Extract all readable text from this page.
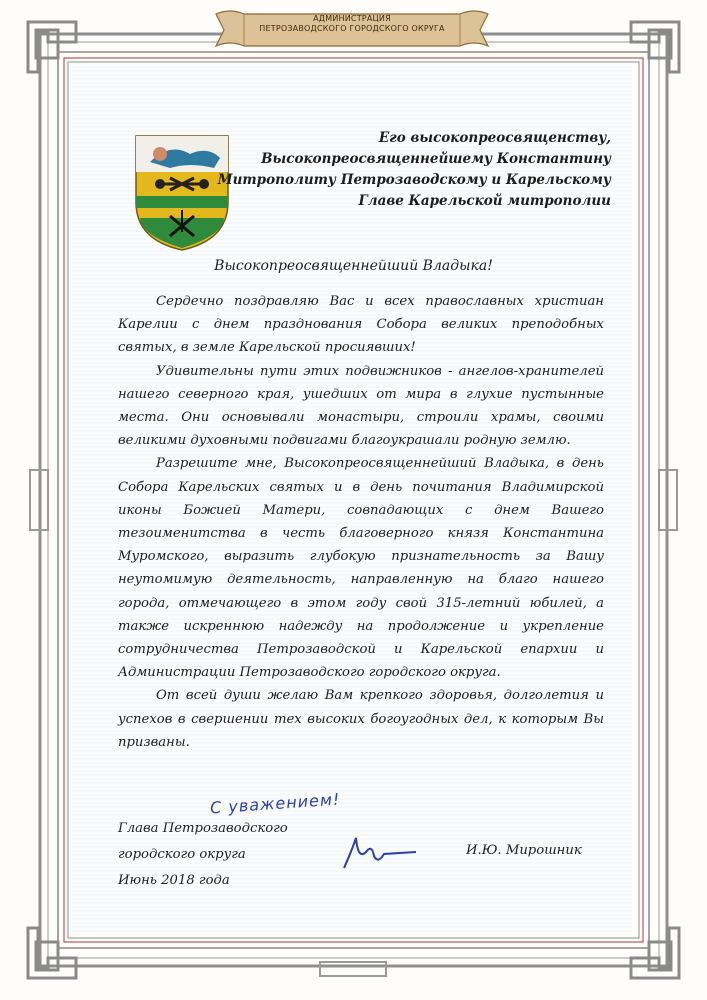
АДМИНИСТРАЦИЯ
ПЕТРОЗАВОДСКОГО ГОРОДСКОГО ОКРУГА
Его высокопреосвященству,
Высокопреосвященнейшему Константину
Митрополиту Петрозаводскому и Карельскому
Главе Карельской митрополии
Высокопреосвященнейший Владыка!

Сердечно поздравляю Вас и всех православных христиан Карелии с днем празднования Собора великих преподобных святых, в земле Карельской просиявших!

Удивительны пути этих подвижников - ангелов-хранителей нашего северного края, ушедших от мира в глухие пустынные места. Они основывали монастыри, строили храмы, своими великими духовными подвигами благоукрашали родную землю.

Разрешите мне, Высокопреосвященнейший Владыка, в день Собора Карельских святых и в день почитания Владимирской иконы Божией Матери, совпадающих с днем Вашего тезоименитства в честь благоверного князя Константина Муромского, выразить глубокую признательность за Вашу неутомимую деятельность, направленную на благо нашего города, отмечающего в этом году свой 315-летний юбилей, а также искреннюю надежду на продолжение и укрепление сотрудничества Петрозаводской и Карельской епархии и Администрации Петрозаводского городского округа.

От всей души желаю Вам крепкого здоровья, долголетия и успехов в свершении тех высоких богоугодных дел, к которым Вы призваны.

С уважением!
Глава Петрозаводского
городского округа
Июнь 2018 года
И.Ю. Мирошник
